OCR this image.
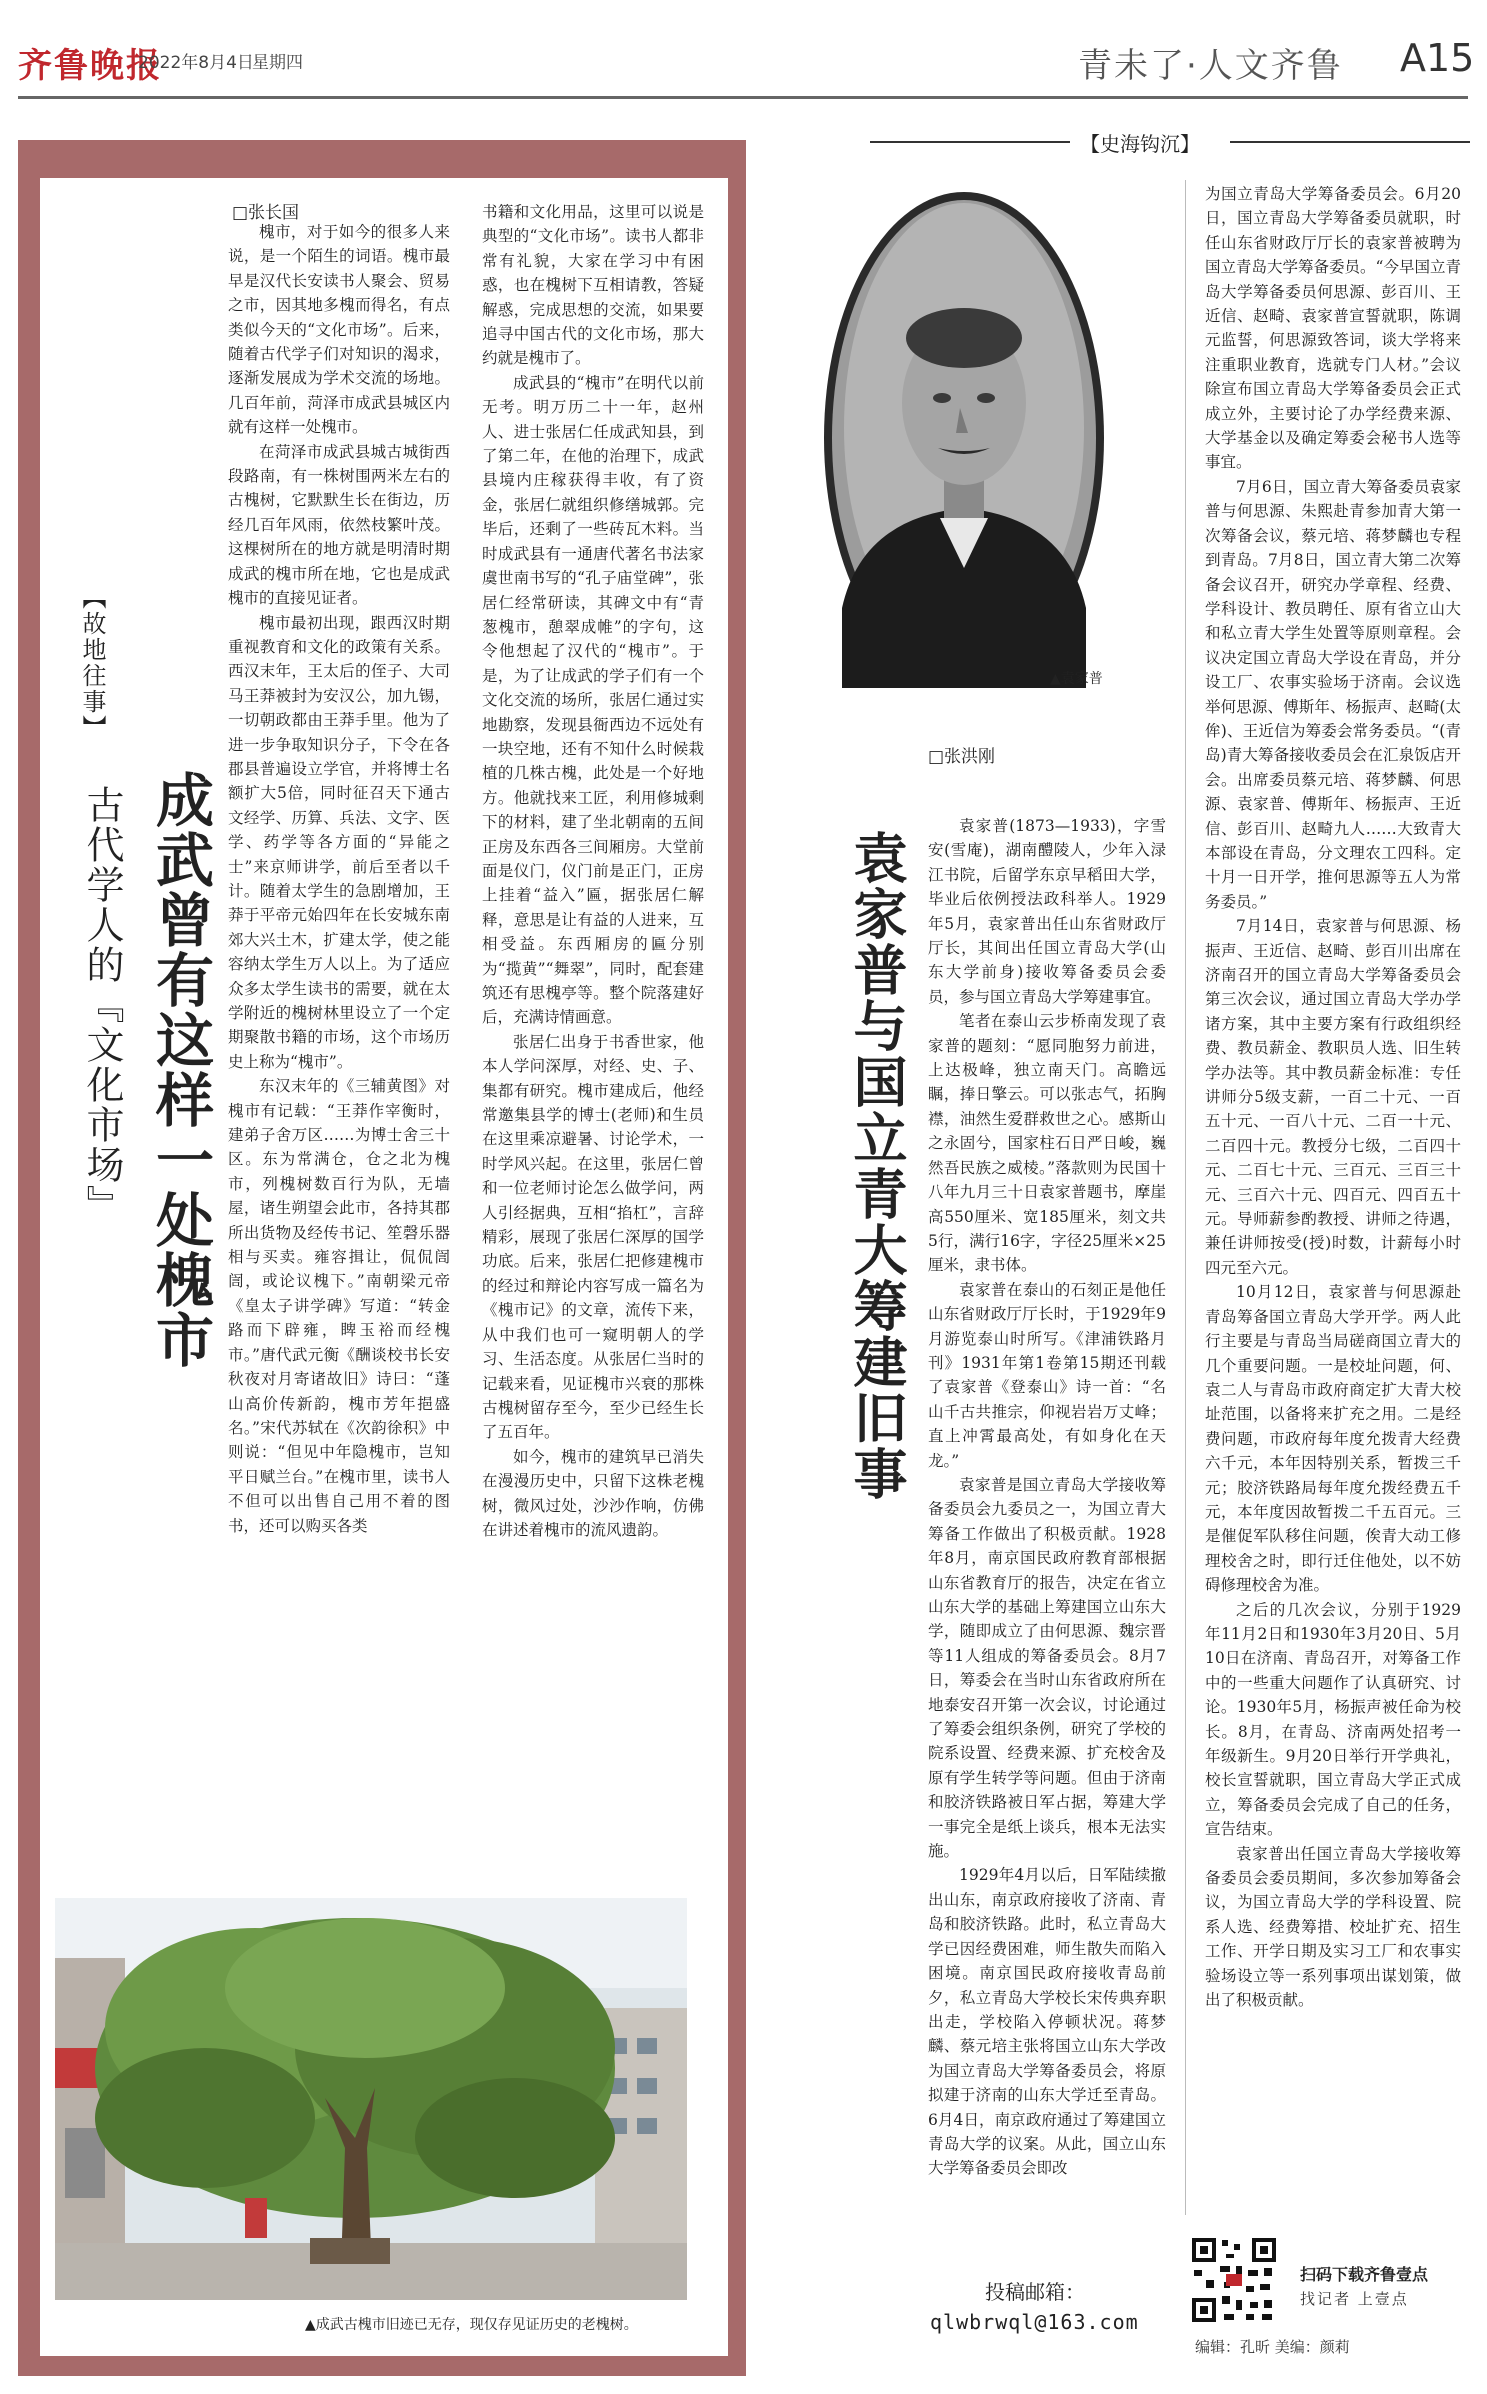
齐鲁晚报
2022年8月4日
星期四	青未了·人文齐鲁 A15
【故地往事】
成武曾有这样一处槐市
古代学人的『文化市场』
□张长国

槐市，对于如今的很多人来说，是一个陌生的词语。槐市最早是汉代长安读书人聚会、贸易之市，因其地多槐而得名，有点类似今天的“文化市场”。后来，随着古代学子们对知识的渴求，逐渐发展成为学术交流的场地。几百年前，菏泽市成武县城区内就有这样一处槐市。

在菏泽市成武县城古城街西段路南，有一株树围两米左右的古槐树，它默默生长在街边，历经几百年风雨，依然枝繁叶茂。这棵树所在的地方就是明清时期成武的槐市所在地，它也是成武槐市的直接见证者。

槐市最初出现，跟西汉时期重视教育和文化的政策有关系。西汉末年，王太后的侄子、大司马王莽被封为安汉公，加九锡，一切朝政都由王莽手里。他为了进一步争取知识分子，下令在各郡县普遍设立学官，并将博士名额扩大5倍，同时征召天下通古文经学、历算、兵法、文字、医学、药学等各方面的“异能之士”来京师讲学，前后至者以千计。随着太学生的急剧增加，王莽于平帝元始四年在长安城东南郊大兴土木，扩建太学，使之能容纳太学生万人以上。为了适应众多太学生读书的需要，就在太学附近的槐树林里设立了一个定期聚散书籍的市场，这个市场历史上称为“槐市”。

东汉末年的《三辅黄图》对槐市有记载：“王莽作宰衡时，建弟子舍万区……为博士舍三十区。东为常满仓，仓之北为槐市，列槐树数百行为队，无墙屋，诸生朔望会此市，各持其郡所出货物及经传书记、笙磬乐器相与买卖。雍容揖让，侃侃訚訚，或论议槐下。”南朝梁元帝《皇太子讲学碑》写道：“转金路而下辟雍，睥玉裕而经槐市。”唐代武元衡《酬谈校书长安秋夜对月寄诸故旧》诗曰：“蓬山高价传新韵，槐市芳年挹盛名。”宋代苏轼在《次韵徐积》中则说：“但见中年隐槐市，岂知平日赋兰台。”在槐市里，读书人不但可以出售自己用不着的图书，还可以购买各类

书籍和文化用品，这里可以说是典型的“文化市场”。读书人都非常有礼貌，大家在学习中有困惑，也在槐树下互相请教，答疑解惑，完成思想的交流，如果要追寻中国古代的文化市场，那大约就是槐市了。

成武县的“槐市”在明代以前无考。明万历二十一年，赵州人、进士张居仁任成武知县，到了第二年，在他的治理下，成武县境内庄稼获得丰收，有了资金，张居仁就组织修缮城郭。完毕后，还剩了一些砖瓦木料。当时成武县有一通唐代著名书法家虞世南书写的“孔子庙堂碑”，张居仁经常研读，其碑文中有“青葱槐市，憩翠成帷”的字句，这令他想起了汉代的“槐市”。于是，为了让成武的学子们有一个文化交流的场所，张居仁通过实地勘察，发现县衙西边不远处有一块空地，还有不知什么时候栽植的几株古槐，此处是一个好地方。他就找来工匠，利用修城剩下的材料，建了坐北朝南的五间正房及东西各三间厢房。大堂前面是仪门，仪门前是正门，正房上挂着“益入”匾，据张居仁解释，意思是让有益的人进来，互相受益。东西厢房的匾分别为“揽黄”“舞翠”，同时，配套建筑还有思槐亭等。整个院落建好后，充满诗情画意。

张居仁出身于书香世家，他本人学问深厚，对经、史、子、集都有研究。槐市建成后，他经常邀集县学的博士(老师)和生员在这里乘凉避暑、讨论学术，一时学风兴起。在这里，张居仁曾和一位老师讨论怎么做学问，两人引经据典，互相“掐杠”，言辞精彩，展现了张居仁深厚的国学功底。后来，张居仁把修建槐市的经过和辩论内容写成一篇名为《槐市记》的文章，流传下来，从中我们也可一窥明朝人的学习、生活态度。从张居仁当时的记载来看，见证槐市兴衰的那株古槐树留存至今，至少已经生长了五百年。

如今，槐市的建筑早已消失在漫漫历史中，只留下这株老槐树，微风过处，沙沙作响，仿佛在讲述着槐市的流风遗韵。

▲成武古槐市旧迹已无存，现仅存见证历史的老槐树。
【史海钩沉】
▲袁家普
袁家普与国立青大筹建旧事
□张洪刚

袁家普(1873—1933)，字雪安(雪庵)，湖南醴陵人，少年入渌江书院，后留学东京早稻田大学，毕业后依例授法政科举人。1929年5月，袁家普出任山东省财政厅厅长，其间出任国立青岛大学(山东大学前身)接收筹备委员会委员，参与国立青岛大学筹建事宜。

笔者在泰山云步桥南发现了袁家普的题刻：“愿同胞努力前进，上达极峰，独立南天门。高瞻远瞩，捧日擎云。可以张志气，拓胸襟，油然生爱群救世之心。感斯山之永固兮，国家柱石日严日峻，巍然吾民族之威棱。”落款则为民国十八年九月三十日袁家普题书，摩崖高550厘米、宽185厘米，刻文共5行，满行16字，字径25厘米×25厘米，隶书体。

袁家普在泰山的石刻正是他任山东省财政厅厅长时，于1929年9月游览泰山时所写。《津浦铁路月刊》1931年第1卷第15期还刊载了袁家普《登泰山》诗一首：“名山千古共推宗，仰视岩岩万丈峰；直上冲霄最高处，有如身化在天龙。”

袁家普是国立青岛大学接收筹备委员会九委员之一，为国立青大筹备工作做出了积极贡献。1928年8月，南京国民政府教育部根据山东省教育厅的报告，决定在省立山东大学的基础上筹建国立山东大学，随即成立了由何思源、魏宗晋等11人组成的筹备委员会。8月7日，筹委会在当时山东省政府所在地泰安召开第一次会议，讨论通过了筹委会组织条例，研究了学校的院系设置、经费来源、扩充校舍及原有学生转学等问题。但由于济南和胶济铁路被日军占据，筹建大学一事完全是纸上谈兵，根本无法实施。

1929年4月以后，日军陆续撤出山东，南京政府接收了济南、青岛和胶济铁路。此时，私立青岛大学已因经费困难，师生散失而陷入困境。南京国民政府接收青岛前夕，私立青岛大学校长宋传典弃职出走，学校陷入停顿状况。蒋梦麟、蔡元培主张将国立山东大学改为国立青岛大学筹备委员会，将原拟建于济南的山东大学迁至青岛。6月4日，南京政府通过了筹建国立青岛大学的议案。从此，国立山东大学筹备委员会即改

为国立青岛大学筹备委员会。6月20日，国立青岛大学筹备委员就职，时任山东省财政厅厅长的袁家普被聘为国立青岛大学筹备委员。“今早国立青岛大学筹备委员何思源、彭百川、王近信、赵畸、袁家普宣誓就职，陈调元监誓，何思源致答词，谈大学将来注重职业教育，选就专门人材。”会议除宣布国立青岛大学筹备委员会正式成立外，主要讨论了办学经费来源、大学基金以及确定筹委会秘书人选等事宜。

7月6日，国立青大筹备委员袁家普与何思源、朱熙赴青参加青大第一次筹备会议，蔡元培、蒋梦麟也专程到青岛。7月8日，国立青大第二次筹备会议召开，研究办学章程、经费、学科设计、教员聘任、原有省立山大和私立青大学生处置等原则章程。会议决定国立青岛大学设在青岛，并分设工厂、农事实验场于济南。会议选举何思源、傅斯年、杨振声、赵畸(太侔)、王近信为筹委会常务委员。“(青岛)青大筹备接收委员会在汇泉饭店开会。出席委员蔡元培、蒋梦麟、何思源、袁家普、傅斯年、杨振声、王近信、彭百川、赵畸九人……大致青大本部设在青岛，分文理农工四科。定十月一日开学，推何思源等五人为常务委员。”

7月14日，袁家普与何思源、杨振声、王近信、赵畸、彭百川出席在济南召开的国立青岛大学筹备委员会第三次会议，通过国立青岛大学办学诸方案，其中主要方案有行政组织经费、教员薪金、教职员人选、旧生转学办法等。其中教员薪金标准：专任讲师分5级支薪，一百二十元、一百五十元、一百八十元、二百一十元、二百四十元。教授分七级，二百四十元、二百七十元、三百元、三百三十元、三百六十元、四百元、四百五十元。导师薪参酌教授、讲师之待遇，兼任讲师按受(授)时数，计薪每小时四元至六元。

10月12日，袁家普与何思源赴青岛筹备国立青岛大学开学。两人此行主要是与青岛当局磋商国立青大的几个重要问题。一是校址问题，何、袁二人与青岛市政府商定扩大青大校址范围，以备将来扩充之用。二是经费问题，市政府每年度允拨青大经费六千元，本年因特别关系，暂拨三千元；胶济铁路局每年度允拨经费五千元，本年度因故暂拨二千五百元。三是催促军队移住问题，俟青大动工修理校舍之时，即行迁住他处，以不妨碍修理校舍为准。

之后的几次会议，分别于1929年11月2日和1930年3月20日、5月10日在济南、青岛召开，对筹备工作中的一些重大问题作了认真研究、讨论。1930年5月，杨振声被任命为校长。8月，在青岛、济南两处招考一年级新生。9月20日举行开学典礼，校长宣誓就职，国立青岛大学正式成立，筹备委员会完成了自己的任务，宣告结束。

袁家普出任国立青岛大学接收筹备委员会委员期间，多次参加筹备会议，为国立青岛大学的学科设置、院系人选、经费筹措、校址扩充、招生工作、开学日期及实习工厂和农事实验场设立等一系列事项出谋划策，做出了积极贡献。

投稿邮箱：
qlwbrwql@163.com
扫码下载齐鲁壹点
找记者 上壹点
编辑：孔昕 美编：颜莉
